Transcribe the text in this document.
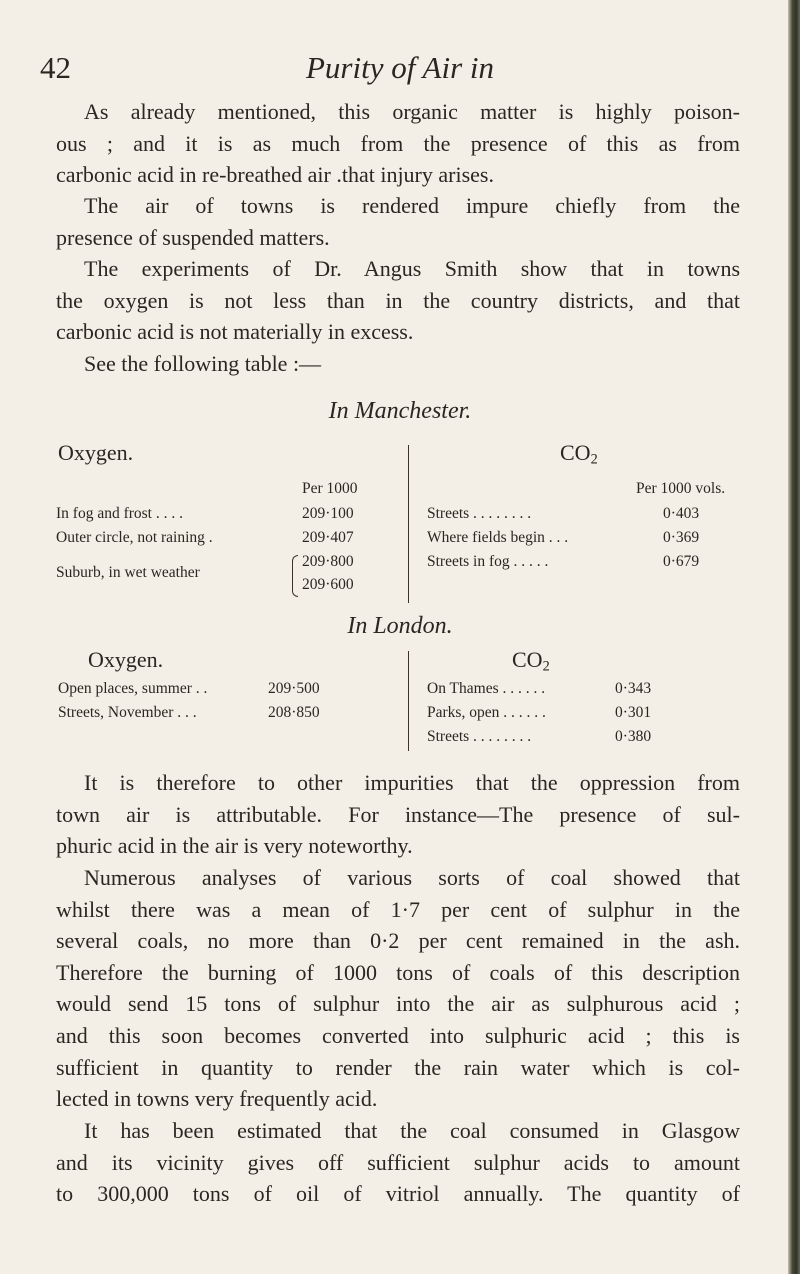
42	Purity of Air in

As already mentioned, this organic matter is highly poison-
ous ; and it is as much from the presence of this as from
carbonic acid in re-breathed air .that injury arises.

The air of towns is rendered impure chiefly from the
presence of suspended matters.

The experiments of Dr. Angus Smith show that in towns
the oxygen is not less than in the country districts, and that
carbonic acid is not materially in excess.

See the following table :—

In Manchester.
Oxygen.
Per 1000
In fog and frost . . . .	209·100
Outer circle, not raining .	209·407
Suburb, in wet weather
209·800
209·600
$CO_2$
Per 1000 vols.
Streets . . . . . . . .	0·403
Where fields begin . . .	0·369
Streets in fog . . . . .	0·679
In London.
Oxygen.
Open places, summer . .	209·500
Streets, November . . .	208·850
$CO_2$
On Thames . . . . . .	0·343
Parks, open . . . . . .	0·301
Streets . . . . . . . .	0·380

It is therefore to other impurities that the oppression from
town air is attributable. For instance—The presence of sul-
phuric acid in the air is very noteworthy.

Numerous analyses of various sorts of coal showed that
whilst there was a mean of 1·7 per cent of sulphur in the
several coals, no more than 0·2 per cent remained in the ash.
Therefore the burning of 1000 tons of coals of this description
would send 15 tons of sulphur into the air as sulphurous acid ;
and this soon becomes converted into sulphuric acid ; this is
sufficient in quantity to render the rain water which is col-
lected in towns very frequently acid.

It has been estimated that the coal consumed in Glasgow
and its vicinity gives off sufficient sulphur acids to amount
to 300,000 tons of oil of vitriol annually. The quantity of
